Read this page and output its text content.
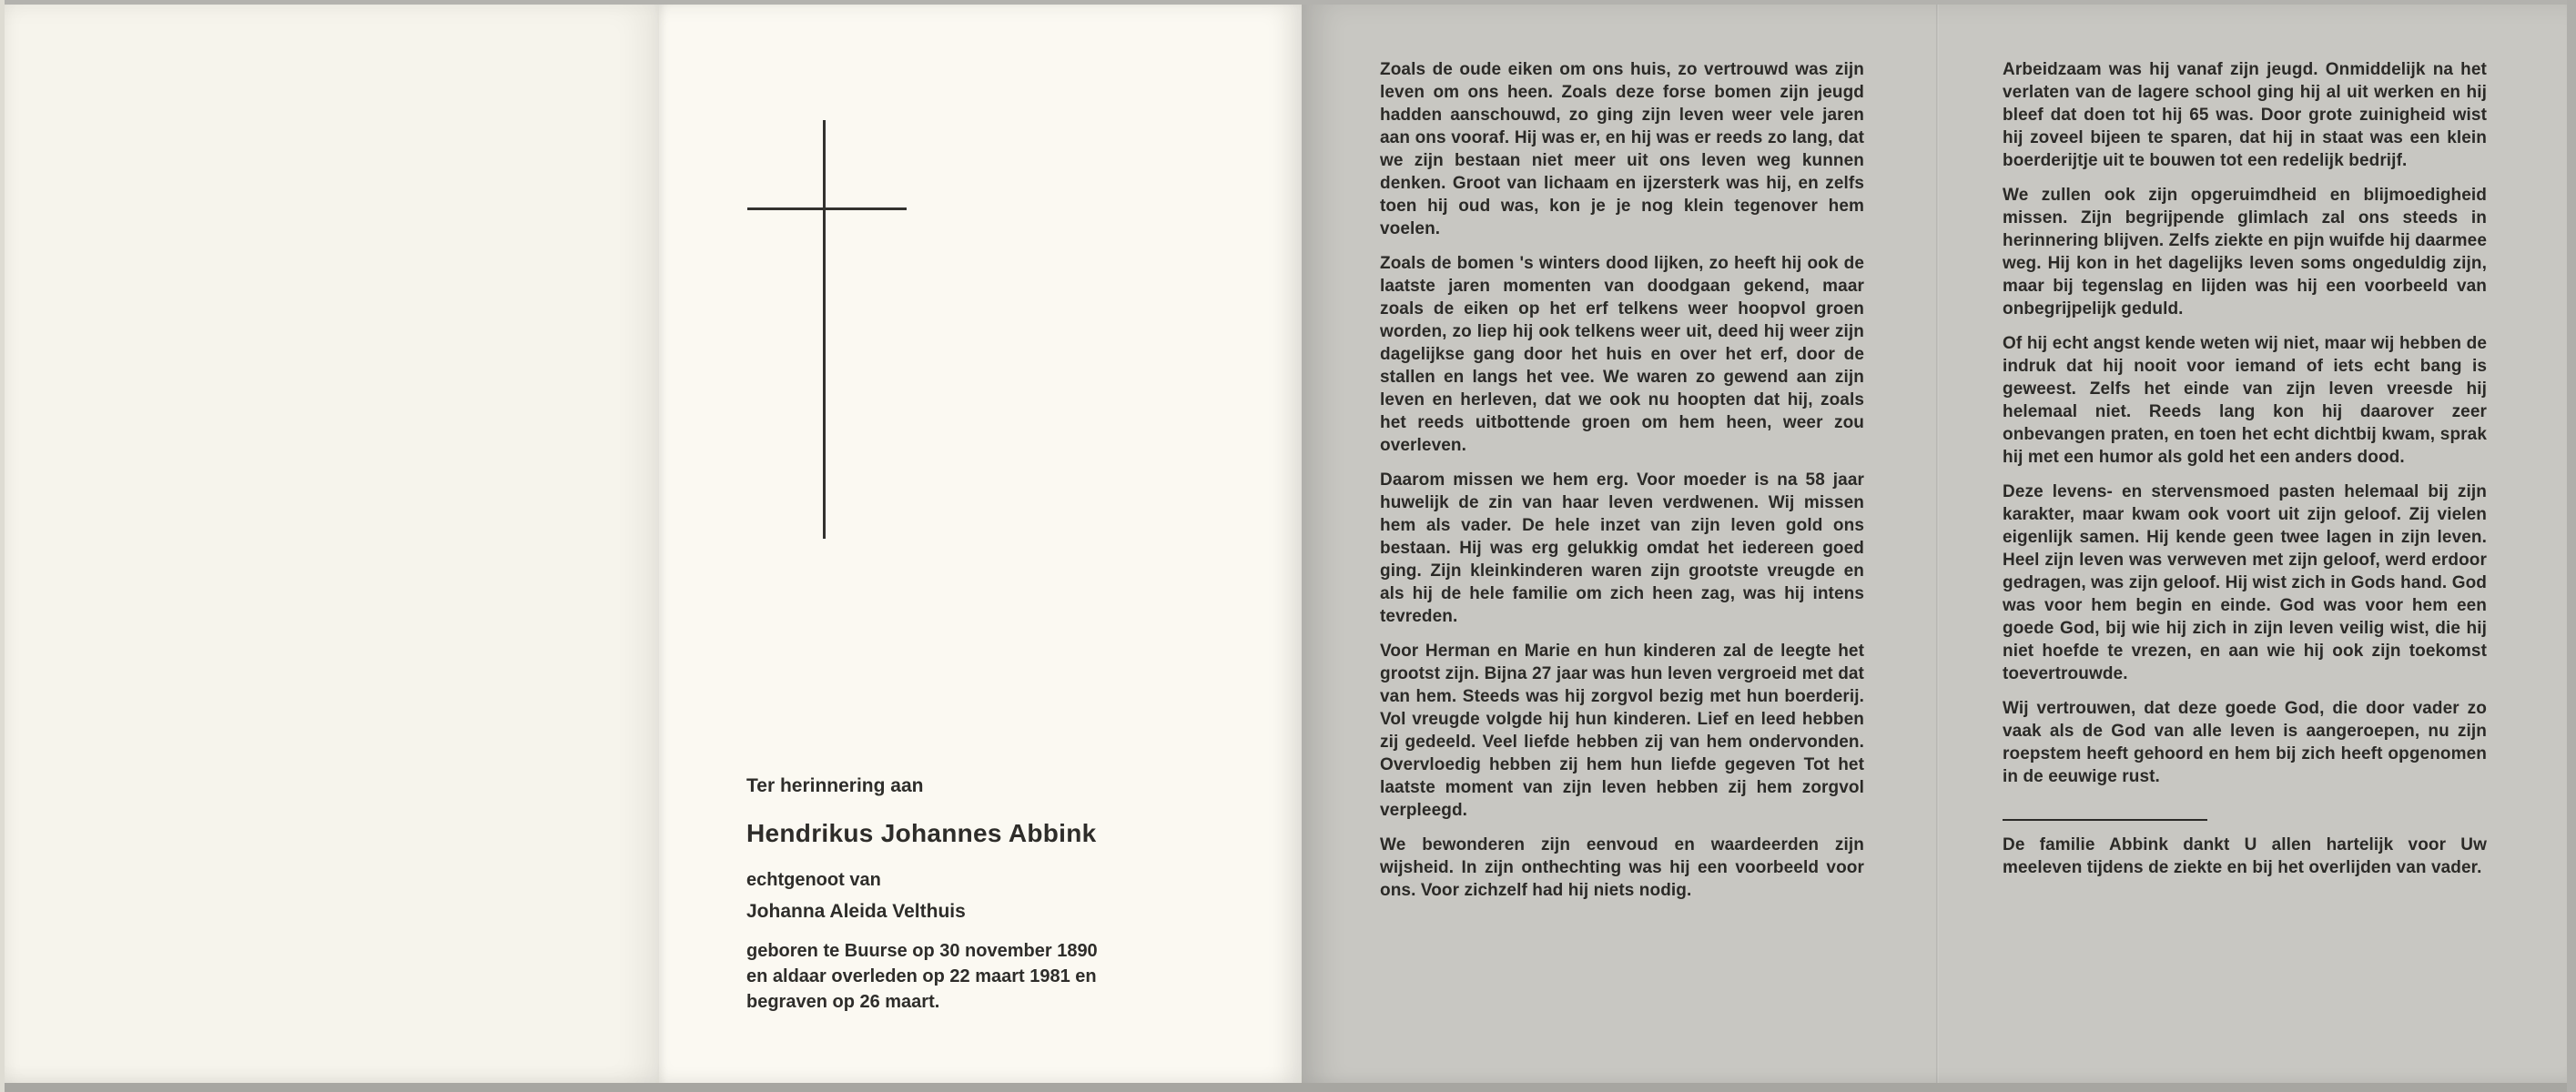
Ter herinnering aan
Hendrikus Johannes Abbink
echtgenoot van
Johanna Aleida Velthuis
geboren te Buurse op 30 november 1890
en aldaar overleden op 22 maart 1981 en
begraven op 26 maart.

Zoals de oude eiken om ons huis, zo vertrouwd was zijn leven om ons heen. Zoals deze forse bomen zijn jeugd hadden aanschouwd, zo ging zijn leven weer vele jaren aan ons vooraf. Hij was er, en hij was er reeds zo lang, dat we zijn bestaan niet meer uit ons leven weg kunnen denken. Groot van lichaam en ijzersterk was hij, en zelfs toen hij oud was, kon je je nog klein tegenover hem voelen.

Zoals de bomen 's winters dood lijken, zo heeft hij ook de laatste jaren momenten van doodgaan gekend, maar zoals de eiken op het erf telkens weer hoopvol groen worden, zo liep hij ook telkens weer uit, deed hij weer zijn dagelijkse gang door het huis en over het erf, door de stallen en langs het vee. We waren zo gewend aan zijn leven en herleven, dat we ook nu hoopten dat hij, zoals het reeds uitbottende groen om hem heen, weer zou overleven.

Daarom missen we hem erg. Voor moeder is na 58 jaar huwelijk de zin van haar leven verdwenen. Wij missen hem als vader. De hele inzet van zijn leven gold ons bestaan. Hij was erg gelukkig omdat het iedereen goed ging. Zijn kleinkinderen waren zijn grootste vreugde en als hij de hele familie om zich heen zag, was hij intens tevreden.

Voor Herman en Marie en hun kinderen zal de leegte het grootst zijn. Bijna 27 jaar was hun leven vergroeid met dat van hem. Steeds was hij zorgvol bezig met hun boerderij. Vol vreugde volgde hij hun kinderen. Lief en leed hebben zij gedeeld. Veel liefde hebben zij van hem ondervonden. Overvloedig hebben zij hem hun liefde gegeven Tot het laatste moment van zijn leven hebben zij hem zorgvol verpleegd.

We bewonderen zijn eenvoud en waardeerden zijn wijsheid. In zijn onthechting was hij een voorbeeld voor ons. Voor zichzelf had hij niets nodig.

Arbeidzaam was hij vanaf zijn jeugd. Onmiddelijk na het verlaten van de lagere school ging hij al uit werken en hij bleef dat doen tot hij 65 was. Door grote zuinigheid wist hij zoveel bijeen te sparen, dat hij in staat was een klein boerderijtje uit te bouwen tot een redelijk bedrijf.

We zullen ook zijn opgeruimdheid en blijmoedigheid missen. Zijn begrijpende glimlach zal ons steeds in herinnering blijven. Zelfs ziekte en pijn wuifde hij daarmee weg. Hij kon in het dagelijks leven soms ongeduldig zijn, maar bij tegenslag en lijden was hij een voorbeeld van onbegrijpelijk geduld.

Of hij echt angst kende weten wij niet, maar wij hebben de indruk dat hij nooit voor iemand of iets echt bang is geweest. Zelfs het einde van zijn leven vreesde hij helemaal niet. Reeds lang kon hij daarover zeer onbevangen praten, en toen het echt dichtbij kwam, sprak hij met een humor als gold het een anders dood.

Deze levens- en stervensmoed pasten helemaal bij zijn karakter, maar kwam ook voort uit zijn geloof. Zij vielen eigenlijk samen. Hij kende geen twee lagen in zijn leven. Heel zijn leven was verweven met zijn geloof, werd erdoor gedragen, was zijn geloof. Hij wist zich in Gods hand. God was voor hem begin en einde. God was voor hem een goede God, bij wie hij zich in zijn leven veilig wist, die hij niet hoefde te vrezen, en aan wie hij ook zijn toekomst toevertrouwde.

Wij vertrouwen, dat deze goede God, die door vader zo vaak als de God van alle leven is aangeroepen, nu zijn roepstem heeft gehoord en hem bij zich heeft opgenomen in de eeuwige rust.

De familie Abbink dankt U allen hartelijk voor Uw meeleven tijdens de ziekte en bij het overlijden van vader.
